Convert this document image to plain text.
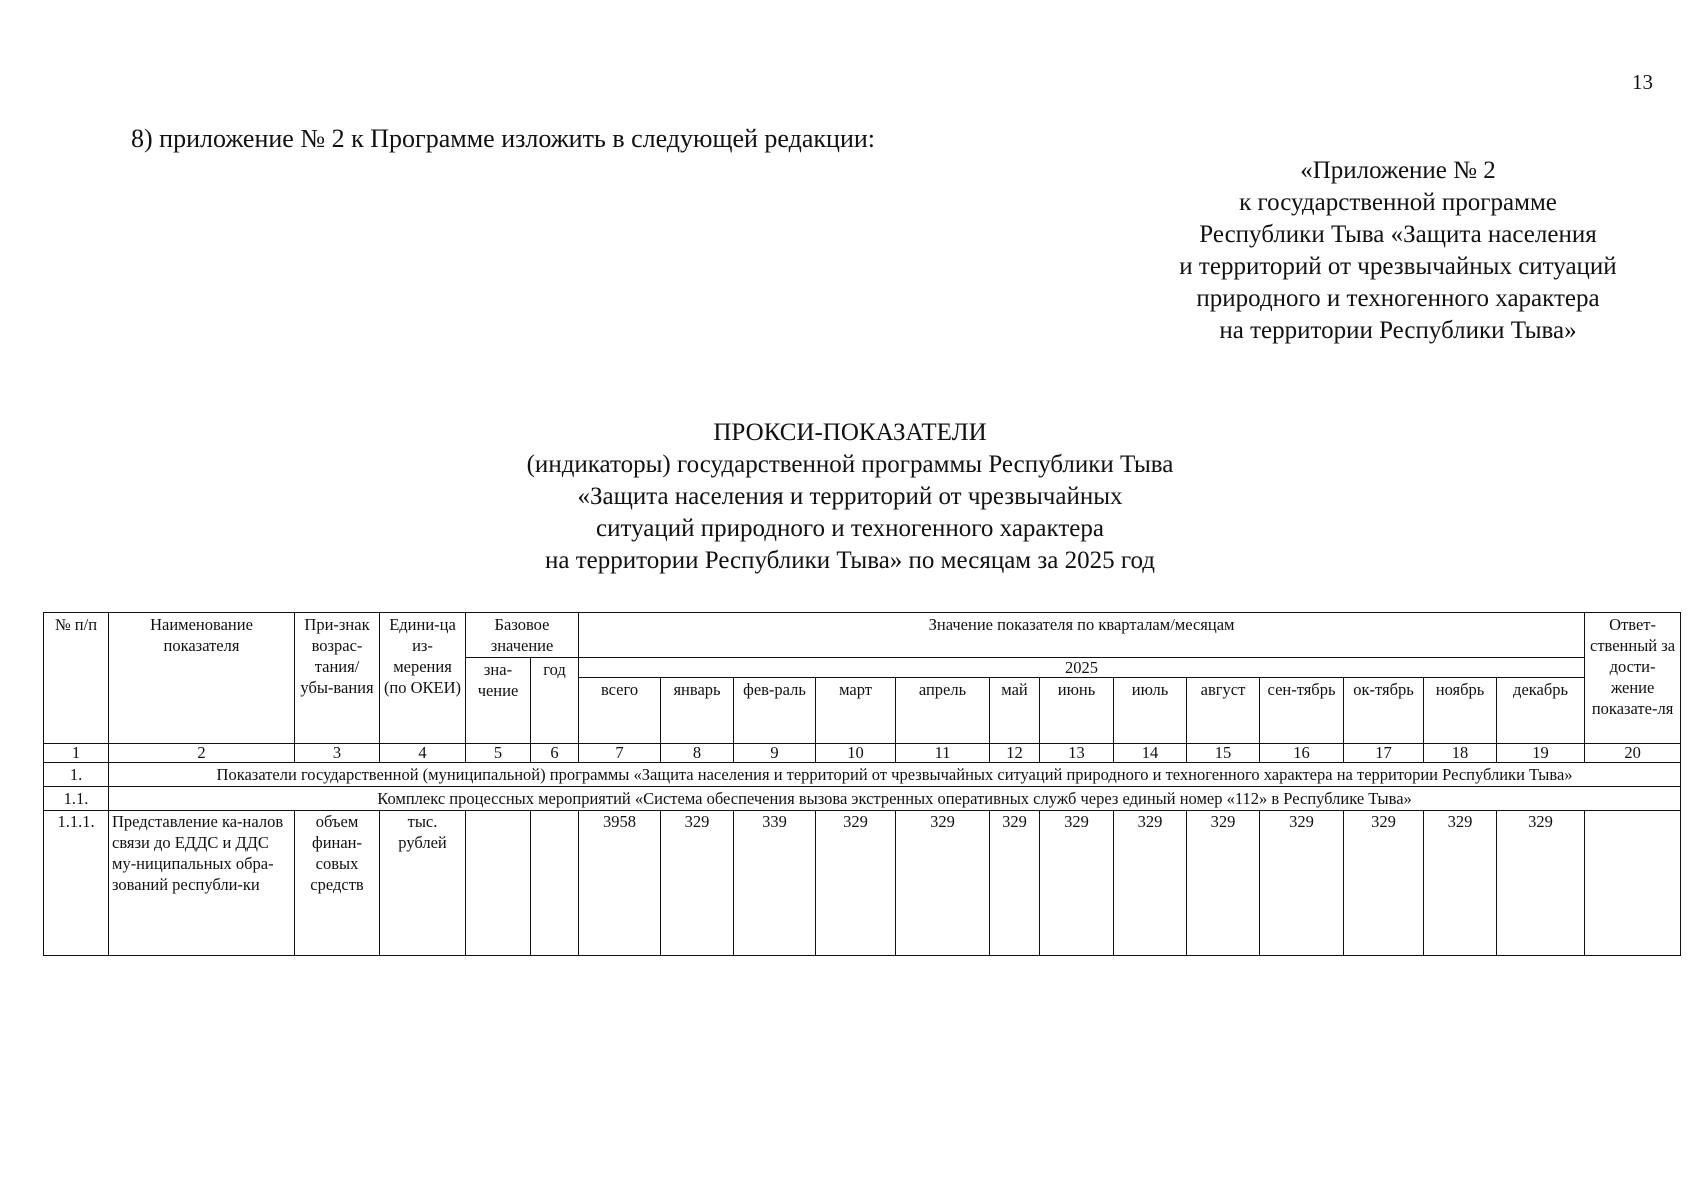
13
8) приложение № 2 к Программе изложить в следующей редакции:
«Приложение № 2
к государственной программе
Республики Тыва «Защита населения
и территорий от чрезвычайных ситуаций
природного и техногенного характера
на территории Республики Тыва»
ПРОКСИ-ПОКАЗАТЕЛИ
(индикаторы) государственной программы Республики Тыва
«Защита населения и территорий от чрезвычайных
ситуаций природного и техногенного характера
на территории Республики Тыва» по месяцам за 2025 год
№ п/п	Наименование показателя	При-знак возрас-тания/ убы-вания	Едини-ца из-мерения (по ОКЕИ)	Базовое значение		Значение показателя по кварталам/месяцам													Ответ-ственный за дости-жение показате-ля
				зна-чение	год	2025													
						всего	январь	фев-раль	март	апрель	май	июнь	июль	август	сен-тябрь	ок-тябрь	ноябрь	декабрь	
1	2	3	4	5	6	7	8	9	10	11	12	13	14	15	16	17	18	19	20
1.	Показатели государственной (муниципальной) программы «Защита населения и территорий от чрезвычайных ситуаций природного и техногенного характера на территории Республики Тыва»																		
1.1.	Комплекс процессных мероприятий «Система обеспечения вызова экстренных оперативных служб через единый номер «112» в Республике Тыва»																		
1.1.1.	Представление ка-налов связи до ЕДДС и ДДС му-ниципальных обра-зований республи-ки	объем финан-совых средств	тыс. рублей			3958	329	339	329	329	329	329	329	329	329	329	329	329	
